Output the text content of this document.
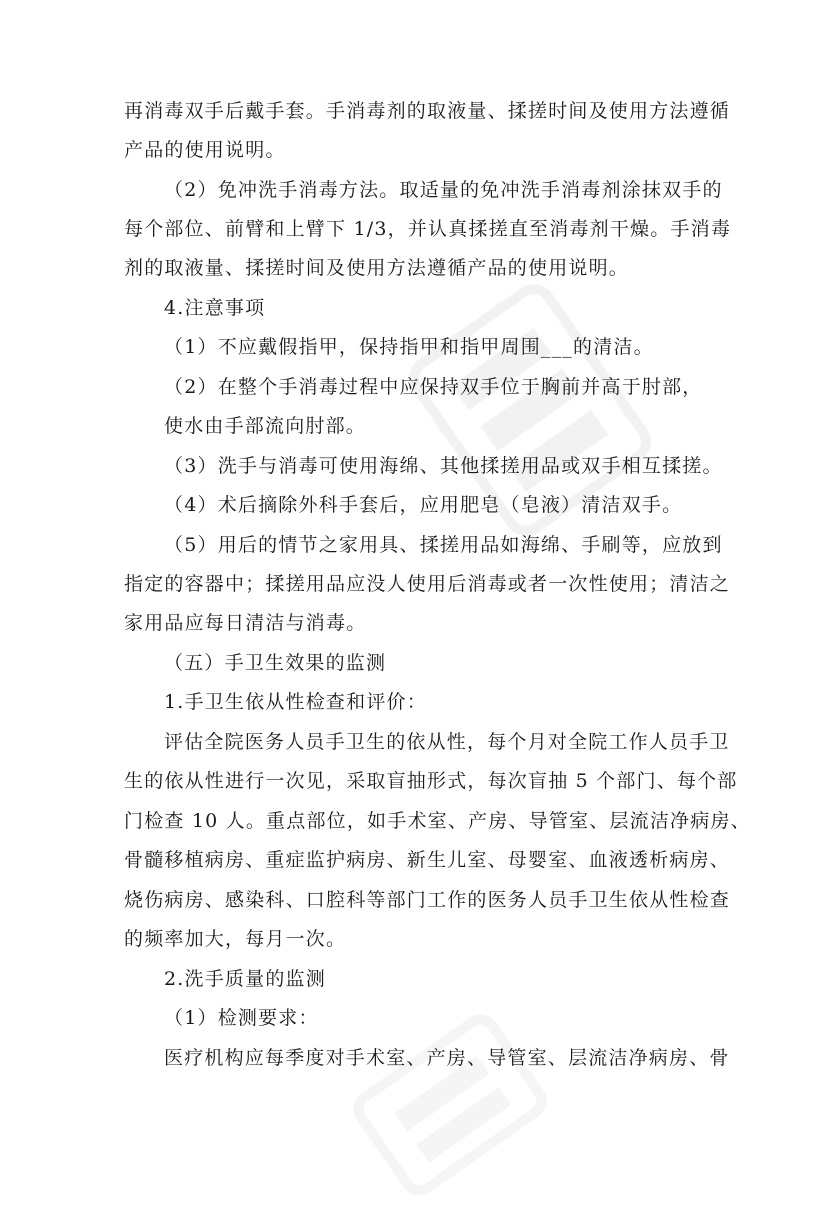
再消毒双手后戴手套。手消毒剂的取液量、揉搓时间及使用方法遵循
产品的使用说明。
（2）免冲洗手消毒方法。取适量的免冲洗手消毒剂涂抹双手的
每个部位、前臂和上臂下 1/3，并认真揉搓直至消毒剂干燥。手消毒
剂的取液量、揉搓时间及使用方法遵循产品的使用说明。
4.注意事项
（1）不应戴假指甲，保持指甲和指甲周围___的清洁。
（2）在整个手消毒过程中应保持双手位于胸前并高于肘部，
使水由手部流向肘部。
（3）洗手与消毒可使用海绵、其他揉搓用品或双手相互揉搓。
（4）术后摘除外科手套后，应用肥皂（皂液）清洁双手。
（5）用后的情节之家用具、揉搓用品如海绵、手刷等，应放到
指定的容器中；揉搓用品应没人使用后消毒或者一次性使用；清洁之
家用品应每日清洁与消毒。
（五）手卫生效果的监测
1.手卫生依从性检查和评价：
评估全院医务人员手卫生的依从性，每个月对全院工作人员手卫
生的依从性进行一次见，采取盲抽形式，每次盲抽 5 个部门、每个部
门检查 10 人。重点部位，如手术室、产房、导管室、层流洁净病房、
骨髓移植病房、重症监护病房、新生儿室、母婴室、血液透析病房、
烧伤病房、感染科、口腔科等部门工作的医务人员手卫生依从性检查
的频率加大，每月一次。
2.洗手质量的监测
（1）检测要求：
医疗机构应每季度对手术室、产房、导管室、层流洁净病房、骨
